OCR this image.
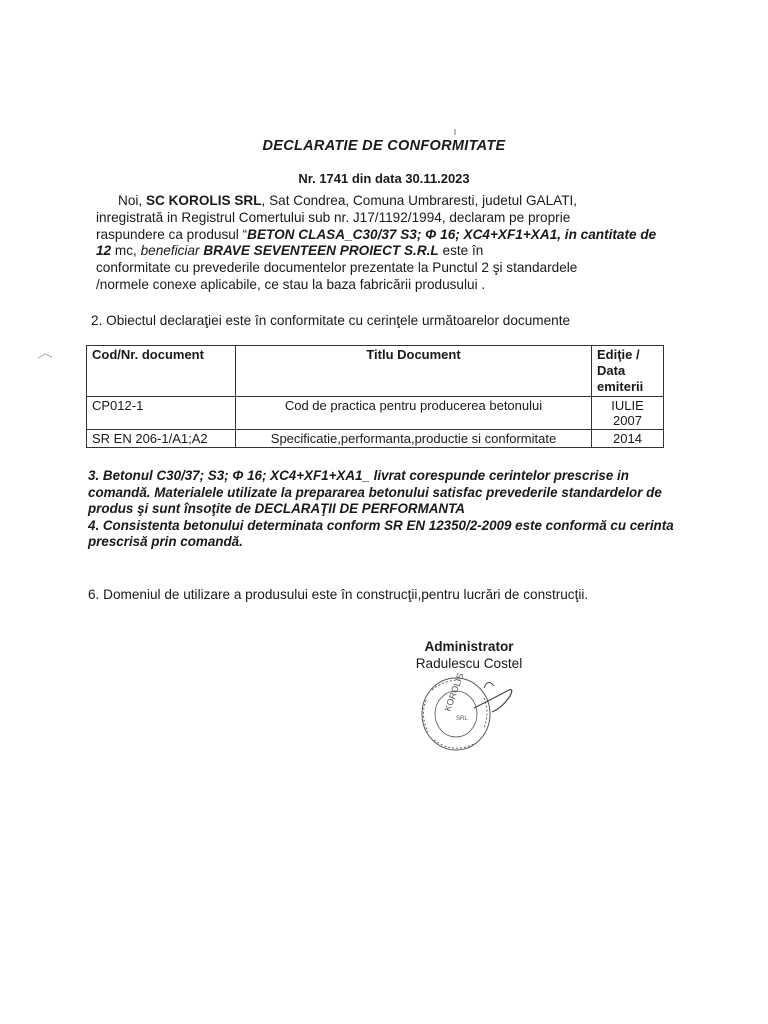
DECLARATIE DE CONFORMITATE
Nr. 1741 din data 30.11.2023

Noi, SC KOROLIS SRL, Sat Condrea, Comuna Umbraresti, judetul GALATI,

inregistrată in Registrul Comertului sub nr. J17/1192/1994, declaram pe proprie

raspundere ca produsul “BETON CLASA_C30/37 S3; Φ 16; XC4+XF1+XA1, in cantitate de 12 mc, beneficiar BRAVE SEVENTEEN PROIECT S.R.L este în

conformitate cu prevederile documentelor prezentate la Punctul 2 şi standardele

/normele conexe aplicabile, ce stau la baza fabricării produsului .

2. Obiectul declaraţiei este în conformitate cu cerinţele următoarelor documente
Cod/Nr. document	Titlu Document	Ediţie /
Data
emiterii
CP012-1	Cod de practica pentru producerea betonului	IULIE
2007
SR EN 206-1/A1;A2	Specificatie,performanta,productie si conformitate	2014

3. Betonul C30/37; S3; Φ 16; XC4+XF1+XA1_ livrat corespunde cerintelor prescrise in comandă. Materialele utilizate la prepararea betonului satisfac prevederile standardelor de produs şi sunt însoţite de DECLARAŢII DE PERFORMANTA

4. Consistenta betonului determinata conform SR EN 12350/2-2009 este conformă cu cerinta prescrisă prin comandă.

6. Domeniul de utilizare a produsului este în construcţii,pentru lucrări de construcţii.
Administrator
Radulescu Costel
KOROLIS
SRL
